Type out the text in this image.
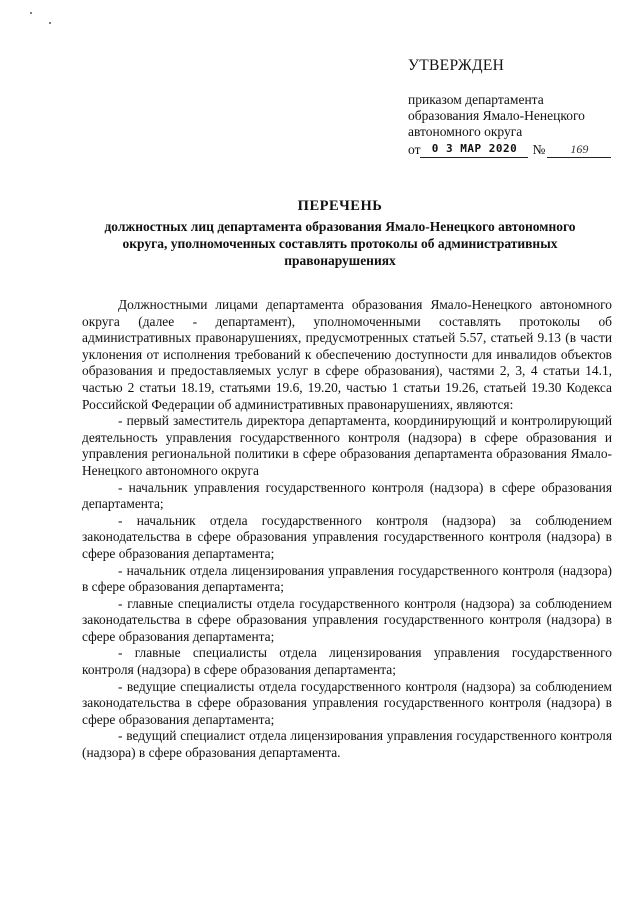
УТВЕРЖДЕН
приказом департамента
образования Ямало-Ненецкого
автономного округа
от	0 3 МАР 2020	№	169
ПЕРЕЧЕНЬ
должностных лиц департамента образования Ямало-Ненецкого автономного округа, уполномоченных составлять протоколы об административных правонарушениях

Должностными лицами департамента образования Ямало-Ненецкого автономного округа (далее - департамент), уполномоченными составлять протоколы об административных правонарушениях, предусмотренных статьей 5.57, статьей 9.13 (в части уклонения от исполнения требований к обеспечению доступности для инвалидов объектов образования и предоставляемых услуг в сфере образования), частями 2, 3, 4 статьи 14.1, частью 2 статьи 18.19, статьями 19.6, 19.20, частью 1 статьи 19.26, статьей 19.30 Кодекса Российской Федерации об административных правонарушениях, являются:

- первый заместитель директора департамента, координирующий и контролирующий деятельность управления государственного контроля (надзора) в сфере образования и управления региональной политики в сфере образования департамента образования Ямало-Ненецкого автономного округа

- начальник управления государственного контроля (надзора) в сфере образования департамента;

- начальник отдела государственного контроля (надзора) за соблюдением законодательства в сфере образования управления государственного контроля (надзора) в сфере образования департамента;

- начальник отдела лицензирования управления государственного контроля (надзора) в сфере образования департамента;

- главные специалисты отдела государственного контроля (надзора) за соблюдением законодательства в сфере образования управления государственного контроля (надзора) в сфере образования департамента;

- главные специалисты отдела лицензирования управления государственного контроля (надзора) в сфере образования департамента;

- ведущие специалисты отдела государственного контроля (надзора) за соблюдением законодательства в сфере образования управления государственного контроля (надзора) в сфере образования департамента;

- ведущий специалист отдела лицензирования управления государственного контроля (надзора) в сфере образования департамента.
